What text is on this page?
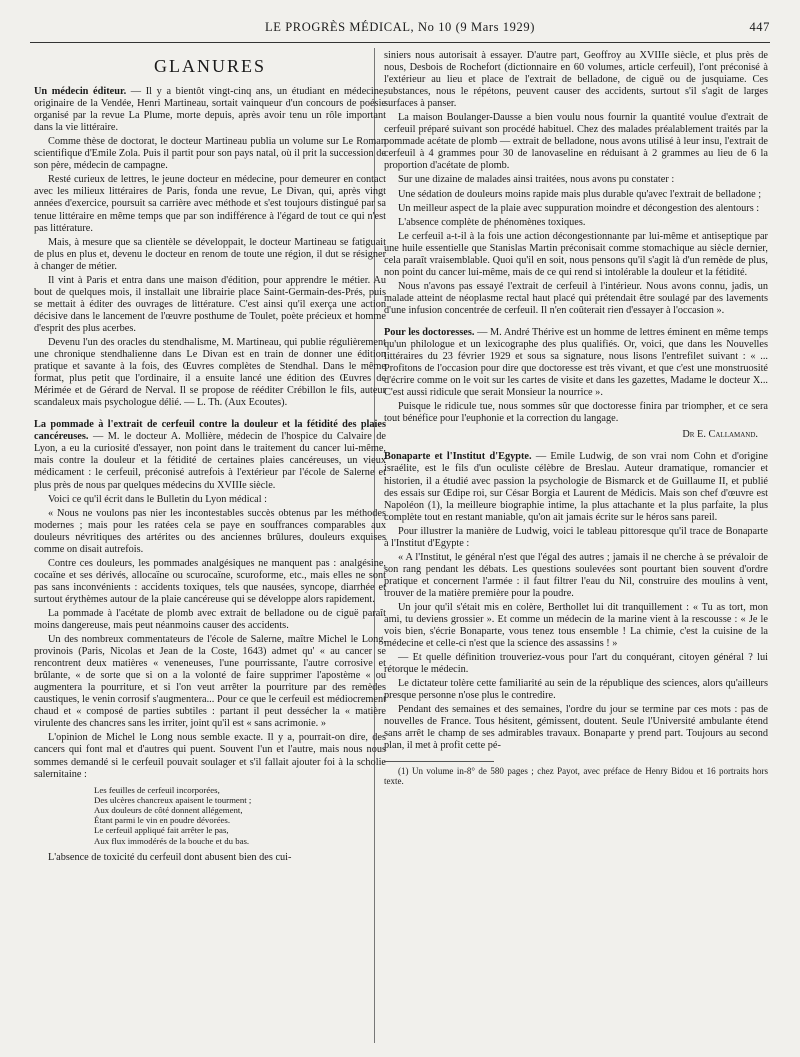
LE PROGRÈS MÉDICAL, No 10 (9 Mars 1929)	447
GLANURES

Un médecin éditeur. — Il y a bientôt vingt-cinq ans, un étudiant en médecine, originaire de la Vendée, Henri Martineau, sortait vainqueur d'un concours de poésie organisé par la revue La Plume, morte depuis, après avoir tenu un rôle important dans la vie littéraire.

Comme thèse de doctorat, le docteur Martineau publia un volume sur Le Roman scientifique d'Emile Zola. Puis il partit pour son pays natal, où il prit la succession de son père, médecin de campagne.

Resté curieux de lettres, le jeune docteur en médecine, pour demeurer en contact avec les milieux littéraires de Paris, fonda une revue, Le Divan, qui, après vingt années d'exercice, poursuit sa carrière avec méthode et s'est toujours distingué par sa tenue littéraire en même temps que par son indifférence à l'égard de tout ce qui n'est pas littérature.

Mais, à mesure que sa clientèle se développait, le docteur Martineau se fatiguait de plus en plus et, devenu le docteur en renom de toute une région, il dut se résigner à changer de métier.

Il vint à Paris et entra dans une maison d'édition, pour apprendre le métier. Au bout de quelques mois, il installait une librairie place Saint-Germain-des-Prés, puis se mettait à éditer des ouvrages de littérature. C'est ainsi qu'il exerça une action décisive dans le lancement de l'œuvre posthume de Toulet, poète précieux et homme d'esprit des plus acerbes.

Devenu l'un des oracles du stendhalisme, M. Martineau, qui publie régulièrement une chronique stendhalienne dans Le Divan est en train de donner une édition pratique et savante à la fois, des Œuvres complètes de Stendhal. Dans le même format, plus petit que l'ordinaire, il a ensuite lancé une édition des Œuvres de Mérimée et de Gérard de Nerval. Il se propose de rééditer Crébillon le fils, auteur scandaleux mais psychologue délié. — L. Th. (Aux Ecoutes).

La pommade à l'extrait de cerfeuil contre la douleur et la fétidité des plaies cancéreuses. — M. le docteur A. Mollière, médecin de l'hospice du Calvaire de Lyon, a eu la curiosité d'essayer, non point dans le traitement du cancer lui-même, mais contre la douleur et la fétidité de certaines plaies cancéreuses, un vieux médicament : le cerfeuil, préconisé autrefois à l'extérieur par l'école de Salerne et plus près de nous par quelques médecins du XVIIIe siècle.

Voici ce qu'il écrit dans le Bulletin du Lyon médical :

« Nous ne voulons pas nier les incontestables succès obtenus par les méthodes modernes ; mais pour les ratées cela se paye en souffrances comparables aux douleurs névritiques des artérites ou des anciennes brûlures, douleurs exquises comme on disait autrefois.

Contre ces douleurs, les pommades analgésiques ne manquent pas : analgésine, cocaïne et ses dérivés, allocaïne ou scurocaïne, scuroforme, etc., mais elles ne sont pas sans inconvénients : accidents toxiques, tels que nausées, syncope, diarrhée et surtout érythèmes autour de la plaie cancéreuse qui se développe alors rapidement.

La pommade à l'acétate de plomb avec extrait de belladone ou de ciguë paraît moins dangereuse, mais peut néanmoins causer des accidents.

Un des nombreux commentateurs de l'école de Salerne, maître Michel le Long, provinois (Paris, Nicolas et Jean de la Coste, 1643) admet qu' « au cancer se rencontrent deux matières « veneneuses, l'une pourrissante, l'autre corrosive et brûlante, « de sorte que si on a la volonté de faire supprimer l'apostème « ou augmentera la pourriture, et si l'on veut arrêter la pourriture par des remèdes caustiques, le venin corrosif s'augmentera... Pour ce que le cerfeuil est médiocrement chaud et « composé de parties subtiles : partant il peut dessécher la « matière virulente des chancres sans les irriter, joint qu'il est « sans acrimonie. »

L'opinion de Michel le Long nous semble exacte. Il y a, pourrait-on dire, des cancers qui font mal et d'autres qui puent. Souvent l'un et l'autre, mais nous nous sommes demandé si le cerfeuil pouvait soulager et s'il fallait ajouter foi à la scholie salernitaine :

Les feuilles de cerfeuil incorporées,
Des ulcères chancreux apaisent le tourment ;
Aux douleurs de côté donnent allégement,
Étant parmi le vin en poudre dévorées.
Le cerfeuil appliqué fait arrêter le pas,
Aux flux immodérés de la bouche et du bas.

L'absence de toxicité du cerfeuil dont abusent bien des cui-

siniers nous autorisait à essayer. D'autre part, Geoffroy au XVIIIe siècle, et plus près de nous, Desbois de Rochefort (dictionnaire en 60 volumes, article cerfeuil), l'ont préconisé à l'extérieur au lieu et place de l'extrait de belladone, de ciguë ou de jusquiame. Ces substances, nous le répétons, peuvent causer des accidents, surtout s'il s'agit de larges surfaces à panser.

La maison Boulanger-Dausse a bien voulu nous fournir la quantité voulue d'extrait de cerfeuil préparé suivant son procédé habituel. Chez des malades préalablement traités par la pommade acétate de plomb — extrait de belladone, nous avons utilisé à leur insu, l'extrait de cerfeuil à 4 grammes pour 30 de lanovaseline en réduisant à 2 grammes au lieu de 6 la proportion d'acétate de plomb.

Sur une dizaine de malades ainsi traitées, nous avons pu constater :

Une sédation de douleurs moins rapide mais plus durable qu'avec l'extrait de belladone ;

Un meilleur aspect de la plaie avec suppuration moindre et décongestion des alentours :

L'absence complète de phénomènes toxiques.

Le cerfeuil a-t-il à la fois une action décongestionnante par lui-même et antiseptique par une huile essentielle que Stanislas Martin préconisait comme stomachique au siècle dernier, cela paraît vraisemblable. Quoi qu'il en soit, nous pensons qu'il s'agit là d'un remède de plus, non point du cancer lui-même, mais de ce qui rend si intolérable la douleur et la fétidité.

Nous n'avons pas essayé l'extrait de cerfeuil à l'intérieur. Nous avons connu, jadis, un malade atteint de néoplasme rectal haut placé qui prétendait être soulagé par des lavements d'une infusion concentrée de cerfeuil. Il n'en coûterait rien d'essayer à l'occasion ».

Pour les doctoresses. — M. André Thérive est un homme de lettres éminent en même temps qu'un philologue et un lexicographe des plus qualifiés. Or, voici, que dans les Nouvelles littéraires du 23 février 1929 et sous sa signature, nous lisons l'entrefilet suivant : « ... Profitons de l'occasion pour dire que doctoresse est très vivant, et que c'est une monstruosité d'écrire comme on le voit sur les cartes de visite et dans les gazettes, Madame le docteur X... C'est aussi ridicule que serait Monsieur la nourrice ».

Puisque le ridicule tue, nous sommes sûr que doctoresse finira par triompher, et ce sera tout bénéfice pour l'euphonie et la correction du langage.

Dr E. Callamand.

Bonaparte et l'Institut d'Egypte. — Emile Ludwig, de son vrai nom Cohn et d'origine israélite, est le fils d'un oculiste célèbre de Breslau. Auteur dramatique, romancier et historien, il a étudié avec passion la psychologie de Bismarck et de Guillaume II, et publié des essais sur Œdipe roi, sur César Borgia et Laurent de Médicis. Mais son chef d'œuvre est Napoléon (1), la meilleure biographie intime, la plus attachante et la plus parfaite, la plus complète tout en restant maniable, qu'on ait jamais écrite sur le héros sans pareil.

Pour illustrer la manière de Ludwig, voici le tableau pittoresque qu'il trace de Bonaparte à l'Institut d'Egypte :

« A l'Institut, le général n'est que l'égal des autres ; jamais il ne cherche à se prévaloir de son rang pendant les débats. Les questions soulevées sont pourtant bien souvent d'ordre pratique et concernent l'armée : il faut filtrer l'eau du Nil, construire des moulins à vent, trouver de la matière première pour la poudre.

Un jour qu'il s'était mis en colère, Berthollet lui dit tranquillement : « Tu as tort, mon ami, tu deviens grossier ». Et comme un médecin de la marine vient à la rescousse : « Je le vois bien, s'écrie Bonaparte, vous tenez tous ensemble ! La chimie, c'est la cuisine de la médecine et celle-ci n'est que la science des assassins ! »

— Et quelle définition trouveriez-vous pour l'art du conquérant, citoyen général ? lui rétorque le médecin.

Le dictateur tolère cette familiarité au sein de la république des sciences, alors qu'ailleurs presque personne n'ose plus le contredire.

Pendant des semaines et des semaines, l'ordre du jour se termine par ces mots : pas de nouvelles de France. Tous hésitent, gémissent, doutent. Seule l'Université ambulante étend sans arrêt le champ de ses admirables travaux. Bonaparte y prend part. Toujours au second plan, il met à profit cette pé-

(1) Un volume in-8° de 580 pages ; chez Payot, avec préface de Henry Bidou et 16 portraits hors texte.
